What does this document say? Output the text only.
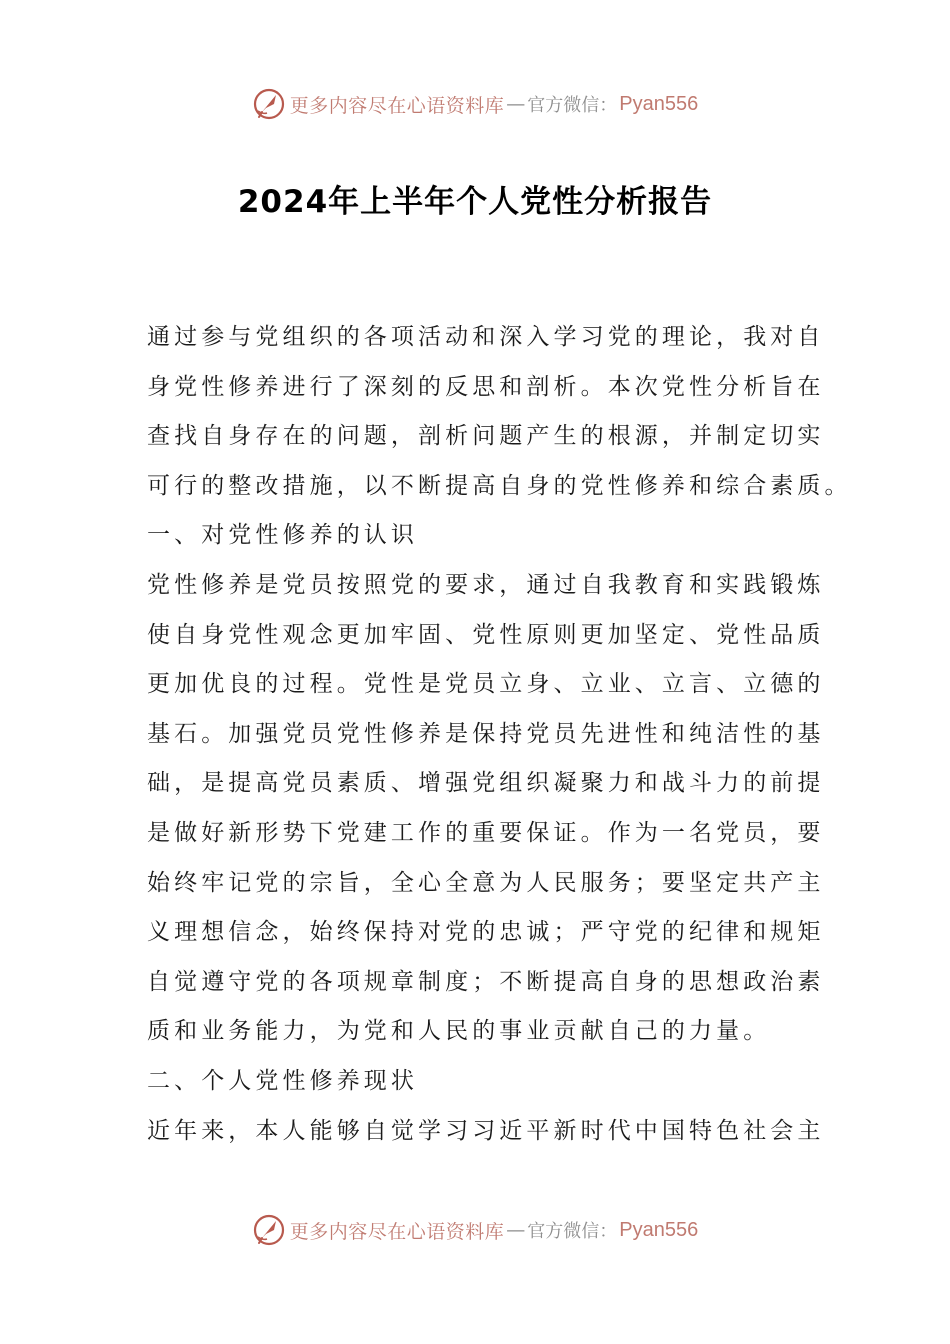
更多内容尽在心语资料库 — 官方微信： Pyan556
2024年上半年个人党性分析报告
通过参与党组织的各项活动和深入学习党的理论，我对自
身党性修养进行了深刻的反思和剖析。本次党性分析旨在
查找自身存在的问题，剖析问题产生的根源，并制定切实
可行的整改措施，以不断提高自身的党性修养和综合素质。
一、对党性修养的认识
党性修养是党员按照党的要求，通过自我教育和实践锻炼
使自身党性观念更加牢固、党性原则更加坚定、党性品质
更加优良的过程。党性是党员立身、立业、立言、立德的
基石。加强党员党性修养是保持党员先进性和纯洁性的基
础，是提高党员素质、增强党组织凝聚力和战斗力的前提
是做好新形势下党建工作的重要保证。作为一名党员，要
始终牢记党的宗旨，全心全意为人民服务；要坚定共产主
义理想信念，始终保持对党的忠诚；严守党的纪律和规矩
自觉遵守党的各项规章制度；不断提高自身的思想政治素
质和业务能力，为党和人民的事业贡献自己的力量。
二、个人党性修养现状
近年来，本人能够自觉学习习近平新时代中国特色社会主
更多内容尽在心语资料库 — 官方微信： Pyan556
